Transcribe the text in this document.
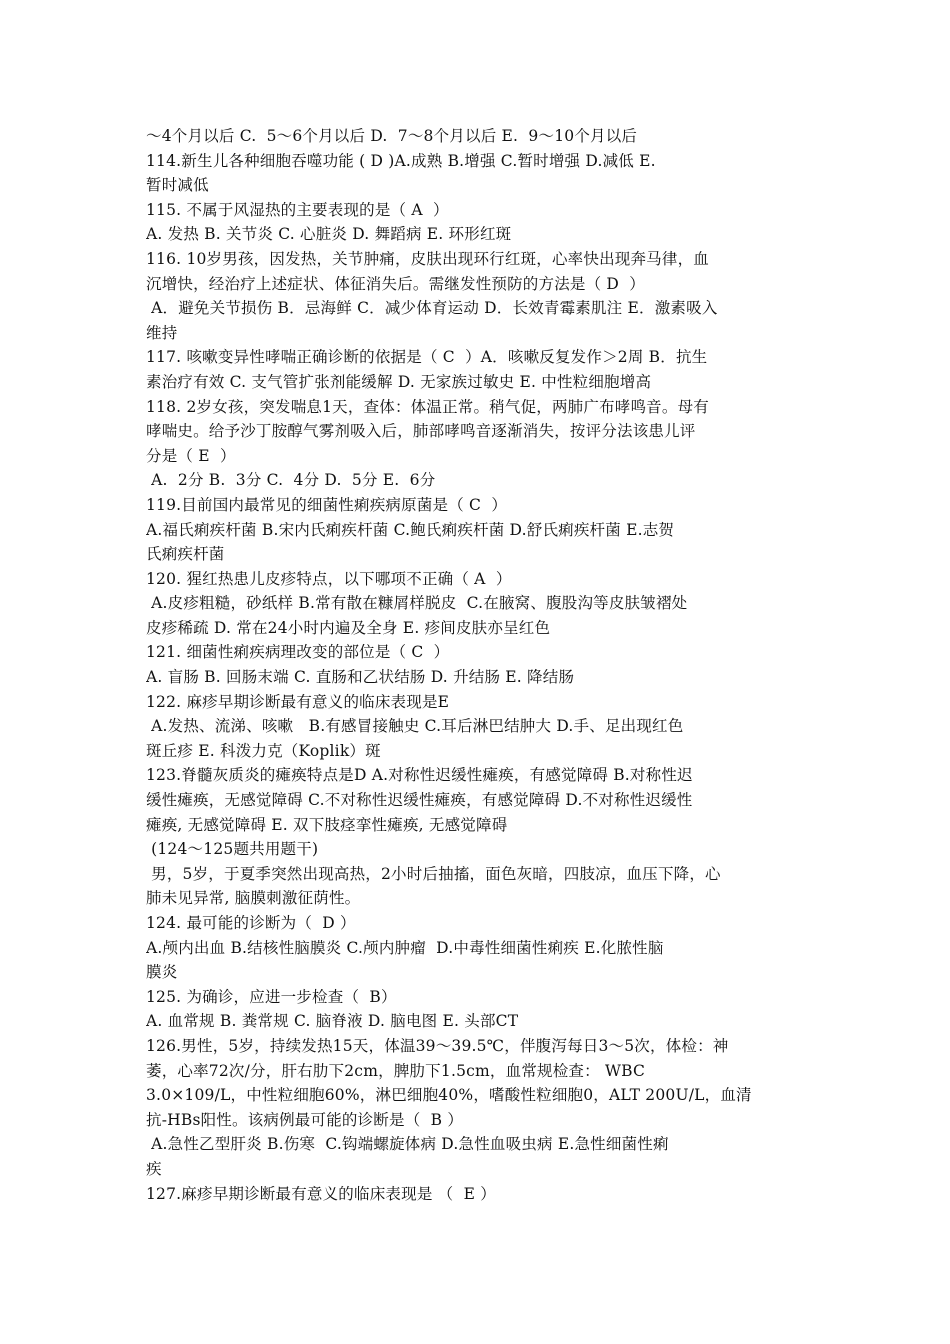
～4个月以后 C.  5～6个月以后 D.  7～8个月以后 E.  9～10个月以后
114.新生儿各种细胞吞噬功能 ( D )A.成熟 B.增强 C.暂时增强 D.减低 E.
暂时减低
115. 不属于风湿热的主要表现的是（ A  ）
A. 发热 B. 关节炎 C. 心脏炎 D. 舞蹈病 E. 环形红斑
116. 10岁男孩，因发热，关节肿痛，皮肤出现环行红斑，心率快出现奔马律，血
沉增快，经治疗上述症状、体征消失后。需继发性预防的方法是（ D  ）
A．避免关节损伤 B．忌海鲜 C．减少体育运动 D．长效青霉素肌注 E．激素吸入
维持
117. 咳嗽变异性哮喘正确诊断的依据是（ C  ）A．咳嗽反复发作＞2周 B．抗生
素治疗有效 C. 支气管扩张剂能缓解 D. 无家族过敏史 E. 中性粒细胞增高
118. 2岁女孩，突发喘息1天，查体：体温正常。稍气促，两肺广布哮鸣音。母有
哮喘史。给予沙丁胺醇气雾剂吸入后，肺部哮鸣音逐渐消失，按评分法该患儿评
分是（ E  ）
A.  2分 B.  3分 C.  4分 D.  5分 E.  6分
119.目前国内最常见的细菌性痢疾病原菌是（ C  ）
A.福氏痢疾杆菌 B.宋内氏痢疾杆菌 C.鲍氏痢疾杆菌 D.舒氏痢疾杆菌 E.志贺
氏痢疾杆菌
120. 猩红热患儿皮疹特点，以下哪项不正确（ A  ）
A.皮疹粗糙，砂纸样 B.常有散在糠屑样脱皮  C.在腋窝、腹股沟等皮肤皱褶处
皮疹稀疏 D. 常在24小时内遍及全身 E. 疹间皮肤亦呈红色
121. 细菌性痢疾病理改变的部位是（ C  ）
A. 盲肠 B. 回肠末端 C. 直肠和乙状结肠 D. 升结肠 E. 降结肠
122. 麻疹早期诊断最有意义的临床表现是E
A.发热、流涕、咳嗽   B.有感冒接触史 C.耳后淋巴结肿大 D.手、足出现红色
斑丘疹 E. 科泼力克（Koplik）斑
123.脊髓灰质炎的瘫痪特点是D A.对称性迟缓性瘫痪，有感觉障碍 B.对称性迟
缓性瘫痪，无感觉障碍 C.不对称性迟缓性瘫痪，有感觉障碍 D.不对称性迟缓性
瘫痪, 无感觉障碍 E. 双下肢痉挛性瘫痪, 无感觉障碍
(124～125题共用题干)
男，5岁，于夏季突然出现高热，2小时后抽搐，面色灰暗，四肢凉，血压下降，心
肺未见异常, 脑膜刺激征荫性。
124. 最可能的诊断为（  D ）
A.颅内出血 B.结核性脑膜炎 C.颅内肿瘤  D.中毒性细菌性痢疾 E.化脓性脑
膜炎
125. 为确诊，应进一步检查（  B）
A. 血常规 B. 粪常规 C. 脑脊液 D. 脑电图 E. 头部CT
126.男性，5岁，持续发热15天，体温39～39.5℃，伴腹泻每日3～5次，体检：神
萎，心率72次/分，肝右肋下2cm，脾肋下1.5cm，血常规检查： WBC
3.0×109/L，中性粒细胞60%，淋巴细胞40%，嗜酸性粒细胞0，ALT 200U/L，血清
抗-HBs阳性。该病例最可能的诊断是（  B ）
A.急性乙型肝炎 B.伤寒  C.钩端螺旋体病 D.急性血吸虫病 E.急性细菌性痢
疾
127.麻疹早期诊断最有意义的临床表现是 （  E ）
